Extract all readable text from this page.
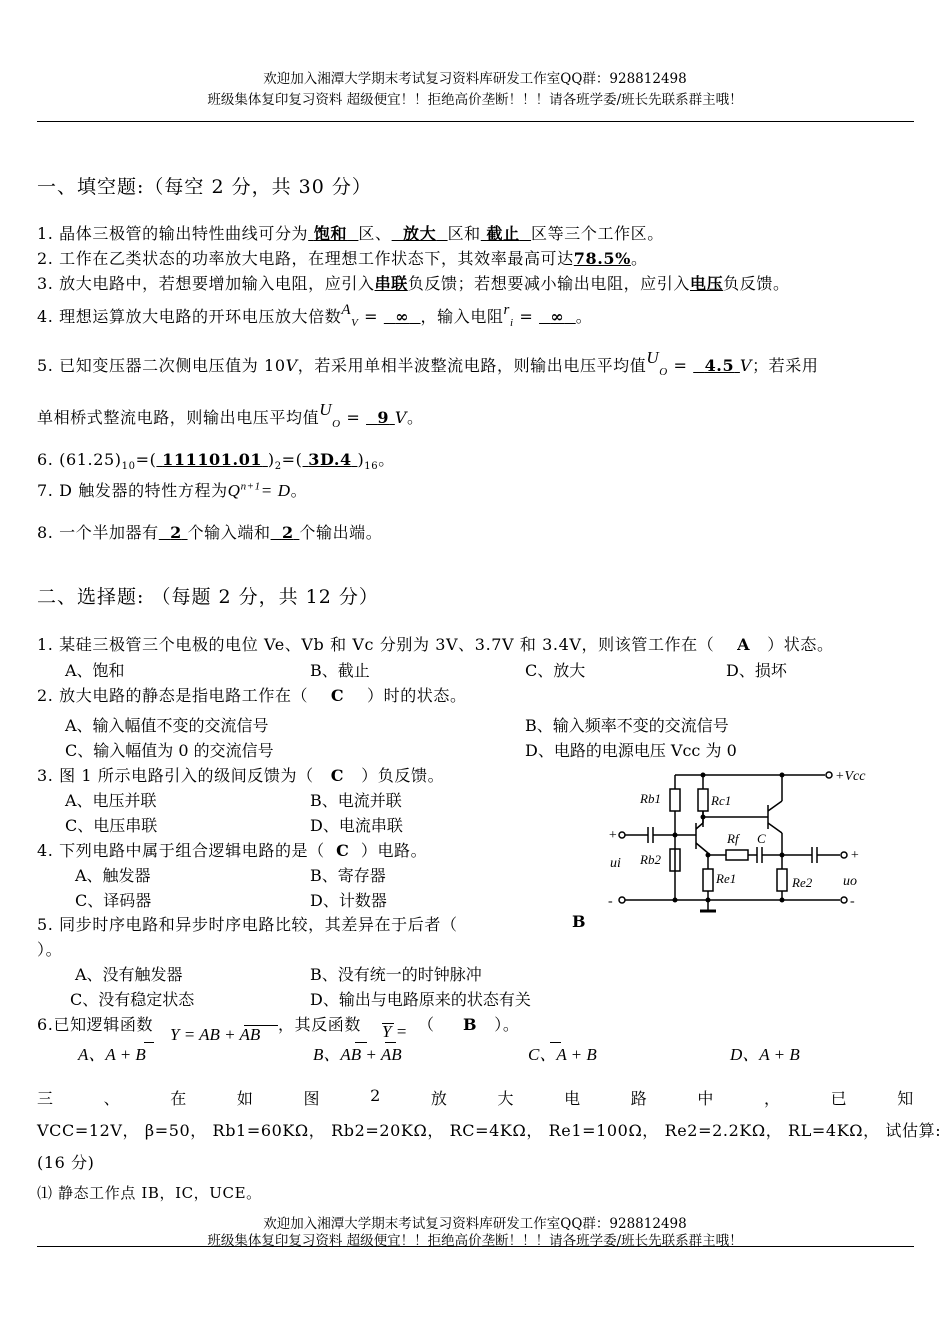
欢迎加入湘潭大学期末考试复习资料库研发工作室QQ群：928812498
班级集体复印复习资料 超级便宜！！拒绝高价垄断！！！请各班学委/班长先联系群主哦！
一、填空题:（每空 2 分，共 30 分）
1. 晶体三极管的输出特性曲线可分为 饱和 区、 放大 区和 截止 区等三个工作区。
2. 工作在乙类状态的功率放大电路，在理想工作状态下，其效率最高可达78.5%。
3. 放大电路中，若想要增加输入电阻，应引入串联负反馈；若想要减小输出电阻，应引入电压负反馈。
4. 理想运算放大电路的开环电压放大倍数$A_V$ = ∞ ，输入电阻$r_i$ = ∞ 。
5. 已知变压器二次侧电压值为 10V，若采用单相半波整流电路，则输出电压平均值$U_O = 4.5$ V；若采用
单相桥式整流电路，则输出电压平均值$U_O = 9$ V。
6. $(61.25)_{10}=$( 111101.01 )$_2=$( 3D.4 )$_{16}$。
7. D 触发器的特性方程为$Q^{n+1}= D$。
8. 一个半加器有 2 个输入端和 2 个输出端。
二、选择题: （每题 2 分，共 12 分）
1. 某硅三极管三个电极的电位 Ve、Vb 和 Vc 分别为 3V、3.7V 和 3.4V，则该管工作在（ A ）状态。
A、饱和	B、截止	C、放大	D、损坏
2. 放大电路的静态是指电路工作在（ C ）时的状态。
A、输入幅值不变的交流信号	B、输入频率不变的交流信号
C、输入幅值为 0 的交流信号	D、电路的电源电压 Vcc 为 0
3. 图 1 所示电路引入的级间反馈为（ C ）负反馈。
A、电压并联	B、电流并联
C、电压串联	D、电流串联
4. 下列电路中属于组合逻辑电路的是（ C ）电路。
A、触发器	B、寄存器
C、译码器	D、计数器
5. 同步时序电路和异步时序电路比较，其差异在于后者（	B
）。
A、没有触发器	B、没有统一的时钟脉冲
C、没有稳定状态	D、输出与电路原来的状态有关
6.已知逻辑函数
Y = AB + AB
，其反函数 Y = （ B ）。
A、A + B	B、AB + AB	C、A + B	D、A + B
+Vcc
Rb1	Rc1
Rb2
Re1
Rf C
Re2
ui
uo
+
-
+
-
三	、	在	如	图	2	放	大	电	路	中	，	已	知
VCC=12V， β=50， Rb1=60KΩ， Rb2=20KΩ， RC=4KΩ， Re1=100Ω， Re2=2.2KΩ， RL=4KΩ， 试估算:
(16 分)
⑴ 静态工作点 IB，IC，UCE。
欢迎加入湘潭大学期末考试复习资料库研发工作室QQ群：928812498
班级集体复印复习资料 超级便宜！！拒绝高价垄断！！！请各班学委/班长先联系群主哦！
